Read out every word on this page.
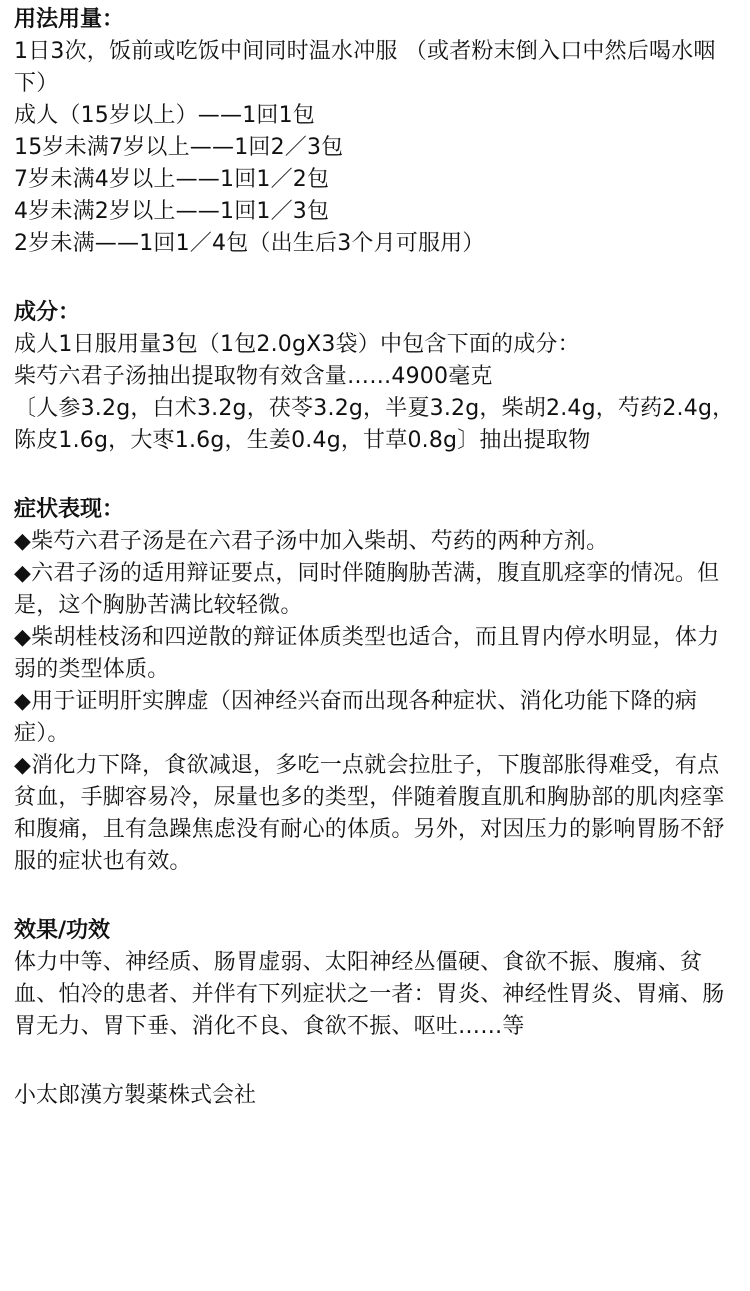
用法用量：

1日3次，饭前或吃饭中间同时温水冲服 （或者粉末倒入口中然后喝水咽下）

成人（15岁以上）——1回1包

15岁未满7岁以上——1回2／3包

7岁未满4岁以上——1回1／2包

4岁未满2岁以上——1回1／3包

2岁未满——1回1／4包（出生后3个月可服用）

成分：

成人1日服用量3包（1包2.0gX3袋）中包含下面的成分：

柴芍六君子汤抽出提取物有效含量……4900毫克

〔人参3.2g，白术3.2g，茯苓3.2g，半夏3.2g，柴胡2.4g，芍药2.4g，陈皮1.6g，大枣1.6g，生姜0.4g，甘草0.8g〕抽出提取物

症状表现：

◆柴芍六君子汤是在六君子汤中加入柴胡、芍药的两种方剂。

◆六君子汤的适用辩证要点，同时伴随胸胁苦满，腹直肌痉挛的情况。但是，这个胸胁苦满比较轻微。

◆柴胡桂枝汤和四逆散的辩证体质类型也适合，而且胃内停水明显，体力弱的类型体质。

◆用于证明肝实脾虚（因神经兴奋而出现各种症状、消化功能下降的病症）。

◆消化力下降，食欲减退，多吃一点就会拉肚子，下腹部胀得难受，有点贫血，手脚容易冷，尿量也多的类型，伴随着腹直肌和胸胁部的肌肉痉挛和腹痛，且有急躁焦虑没有耐心的体质。另外，对因压力的影响胃肠不舒服的症状也有效。

效果/功效

体力中等、神经质、肠胃虚弱、太阳神经丛僵硬、食欲不振、腹痛、贫血、怕冷的患者、并伴有下列症状之一者：胃炎、神经性胃炎、胃痛、肠胃无力、胃下垂、消化不良、食欲不振、呕吐……等

小太郎漢方製薬株式会社
